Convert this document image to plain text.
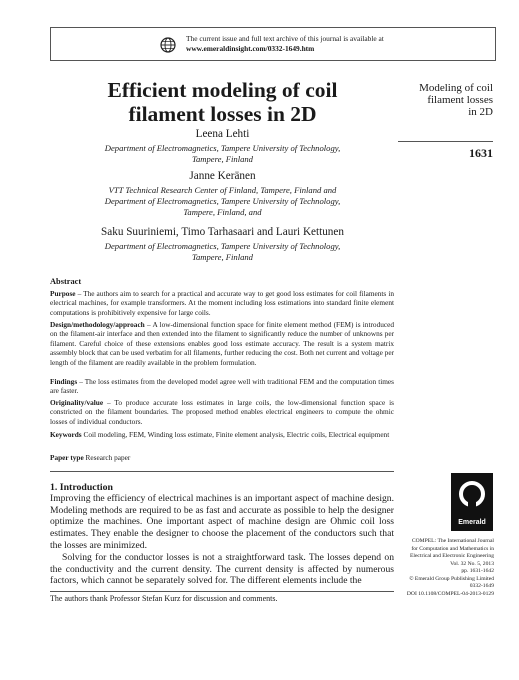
The current issue and full text archive of this journal is available at
www.emeraldinsight.com/0332-1649.htm
Efficient modeling of coil
filament losses in 2D
Leena Lehti
Department of Electromagnetics, Tampere University of Technology,
Tampere, Finland
Janne Keränen
VTT Technical Research Center of Finland, Tampere, Finland and
Department of Electromagnetics, Tampere University of Technology,
Tampere, Finland, and
Saku Suuriniemi, Timo Tarhasaari and Lauri Kettunen
Department of Electromagnetics, Tampere University of Technology,
Tampere, Finland
Modeling of coil
filament losses
in 2D
1631
Abstract
Purpose – The authors aim to search for a practical and accurate way to get good loss estimates for coil filaments in electrical machines, for example transformers. At the moment including loss estimations into standard finite element computations is prohibitively expensive for large coils.
Design/methodology/approach – A low-dimensional function space for finite element method (FEM) is introduced on the filament-air interface and then extended into the filament to significantly reduce the number of unknowns per filament. Careful choice of these extensions enables good loss estimate accuracy. The result is a system matrix assembly block that can be used verbatim for all filaments, further reducing the cost. Both net current and voltage per length of the filament are readily available in the problem formulation.
Findings – The loss estimates from the developed model agree well with traditional FEM and the computation times are faster.
Originality/value – To produce accurate loss estimates in large coils, the low-dimensional function space is constricted on the filament boundaries. The proposed method enables electrical engineers to compute the ohmic losses of individual conductors.
Keywords Coil modeling, FEM, Winding loss estimate, Finite element analysis, Electric coils, Electrical equipment
Paper type Research paper
1. Introduction
Improving the efficiency of electrical machines is an important aspect of machine design. Modeling methods are required to be as fast and accurate as possible to help the designer optimize the machines. One important aspect of machine design are Ohmic coil loss estimates. They enable the designer to choose the placement of the conductors such that the losses are minimized.
Solving for the conductor losses is not a straightforward task. The losses depend on the conductivity and the current density. The current density is affected by numerous factors, which cannot be separately solved for. The different elements include the
The authors thank Professor Stefan Kurz for discussion and comments.
Emerald
COMPEL: The International Journal
for Computation and Mathematics in
Electrical and Electronic Engineering
Vol. 32 No. 5, 2013
pp. 1631-1642
© Emerald Group Publishing Limited
0332-1649
DOI 10.1108/COMPEL-04-2013-0129
